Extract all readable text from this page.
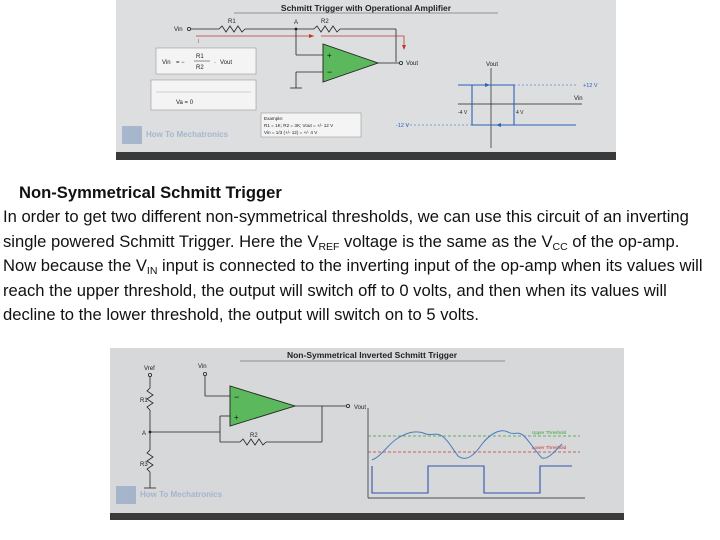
Schmitt Trigger with Operational Amplifier
Vin
R1	A	R2
I
+
−
Vout
Vin = −
R1
R2
· Vout
Va = 0
Example:
R1 = 1K; R2 = 3K; Vout = +/- 12 V
Vin = 1/3 (+/- 12) = +/- 4 V
How To Mechatronics
Vout
Vin
+12 V
-12 V
-4 V	4 V
Non-Symmetrical Schmitt Trigger

In order to get two different non-symmetrical thresholds, we can use this circuit of an inverting single powered Schmitt Trigger. Here the $V_{REF}$ voltage is the same as the $V_{CC}$ of the op-amp. Now because the $V_{IN}$ input is connected to the inverting input of the op-amp when its values will reach the upper threshold, the output will switch off to 0 volts, and then when its values will decline to the lower threshold, the output will switch on to 5 volts.

Non-Symmetrical Inverted Schmitt Trigger
Vref
R1
A
R3
Vin
−
+
Vout
R2
How To Mechatronics
Upper Threshold
Lower Threshold
